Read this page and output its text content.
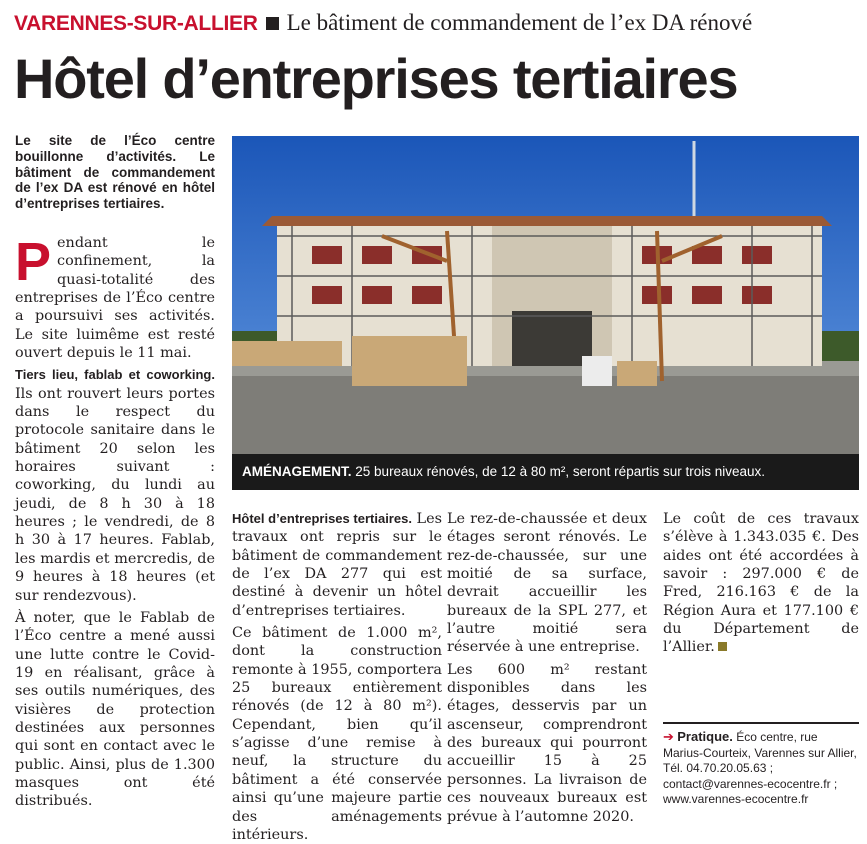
VARENNES-SUR-ALLIER Le bâtiment de commandement de l’ex DA rénové
Hôtel d’entreprises tertiaires

Le site de l’Éco centre bouillonne d’activités. Le bâtiment de commandement de l’ex DA est rénové en hôtel d’entreprises tertiaires.

Pendant le confinement, la quasi-totalité des entreprises de l’Éco centre a poursuivi ses activités. Le site luimême est resté ouvert depuis le 11 mai.

Tiers lieu, fablab et coworking. Ils ont rouvert leurs portes dans le respect du protocole sanitaire dans le bâtiment 20 selon les horaires suivant : coworking, du lundi au jeudi, de 8 h 30 à 18 heures ; le vendredi, de 8 h 30 à 17 heures. Fablab, les mardis et mercredis, de 9 heures à 18 heures (et sur rendezvous).

À noter, que le Fablab de l’Éco centre a mené aussi une lutte contre le Covid-19 en réalisant, grâce à ses outils numériques, des visières de protection destinées aux personnes qui sont en contact avec le public. Ainsi, plus de 1.300 masques ont été distribués.

AMÉNAGEMENT. 25 bureaux rénovés, de 12 à 80 m², seront répartis sur trois niveaux.

Hôtel d’entreprises tertiaires. Les travaux ont repris sur le bâtiment de commandement de l’ex DA 277 qui est destiné à devenir un hôtel d’entreprises tertiaires.

Ce bâtiment de 1.000 m², dont la construction remonte à 1955, comportera 25 bureaux entièrement rénovés (de 12 à 80 m²). Cependant, bien qu’il s’agisse d’une remise à neuf, la structure du bâtiment a été conservée ainsi qu’une majeure partie des aménagements intérieurs.

Le rez-de-chaussée et deux étages seront rénovés. Le rez-de-chaussée, sur une moitié de sa surface, devrait accueillir les bureaux de la SPL 277, et l’autre moitié sera réservée à une entreprise.

Les 600 m² restant disponibles dans les étages, desservis par un ascenseur, comprendront des bureaux qui pourront accueillir 15 à 25 personnes. La livraison de ces nouveaux bureaux est prévue à l’automne 2020.

Le coût de ces travaux s’élève à 1.343.035 €. Des aides ont été accordées à savoir : 297.000 € de Fred, 216.163 € de la Région Aura et 177.100 € du Département de l’Allier.

➔ Pratique. Éco centre, rue Marius-Courteix, Varennes sur Allier,
Tél. 04.70.20.05.63 ;
contact@varennes-ecocentre.fr ;
www.varennes-ecocentre.fr
